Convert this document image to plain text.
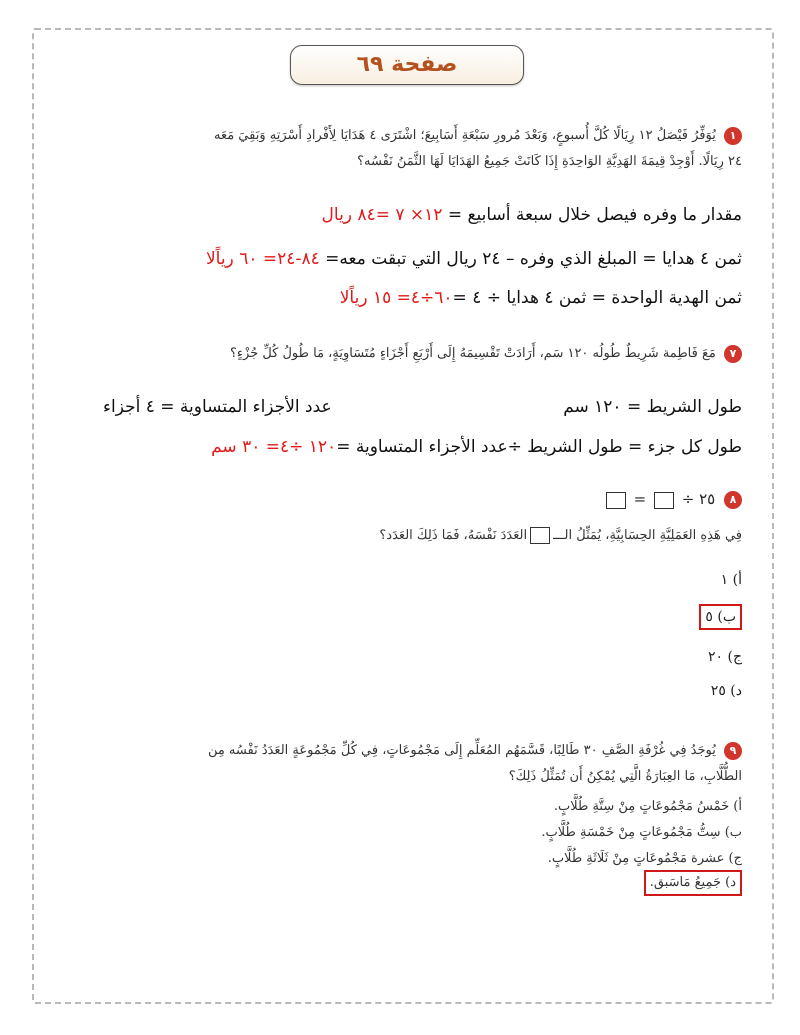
صفحة ٦٩
١ يُوَفِّرُ فَيْصَلُ ١٢ رِيَالًا كُلَّ أُسبوعٍ، وَبَعْدَ مُرورِ سَبْعَةِ أَسَابِيعَ؛ اشْتَرَى ٤ هَدَايَا لِأَفْرادِ أَسْرَتِهِ وَبَقِيَ مَعَه
٢٤ رِيَالًا. أَوْجِدْ قِيمَةَ الهَدِيَّةِ الوَاحِدَةِ إِذَا كَانَتْ جَمِيعُ الهَدَايَا لَهَا الثَّمَنُ نَفْسُه؟
مقدار ما وفره فيصل خلال سبعة أسابيع = ١٢× ٧ =٨٤ ريال
ثمن ٤ هدايا = المبلغ الذي وفره – ٢٤ ريال التي تبقت معه= ٨٤-٢٤= ٦٠ رياًلا
ثمن الهدية الواحدة = ثمن ٤ هدايا ÷ ٤ =٦٠÷٤= ١٥ رياًلا
٧ مَعَ فَاطِمة شَرِيطٌ طُولُه ١٢٠ سَم، أَرَادَتْ تَقْسِيمَهُ إِلَى أَرْبَعِ أَجْزَاءٍ مُتَسَاوِيَةٍ، مَا طُولُ كُلِّ جُزْءٍ؟
طول الشريط = ١٢٠ سم
عدد الأجزاء المتساوية = ٤ أجزاء
طول كل جزء = طول الشريط ÷عدد الأجزاء المتساوية =١٢٠ ÷٤= ٣٠ سم
٨ ٢٥ ÷  =
فِي هَذِهِ العَمَلِيَّةِ الحِسَابِيَّةِ، يُمَثِّلُ الـــالعَدَدَ نَفْسَهُ، فَمَا ذَلِكَ العَدَد؟
أ) ١
ب) ٥
ج) ٢٠
د) ٢٥
٩ يُوجَدُ فِي غُرْفَةِ الصَّفِ ٣٠ طَالِبًا، قَسَّمَهُم المُعَلِّم إِلَى مَجْمُوعَاتٍ، فِي كُلِّ مَجْمُوعَةٍ العَدَدُ نَفْسُه مِن
الطُّلَّابِ، مَا العِبَارَةُ الَّتِي يُمْكِنُ أَن تُمَثِّلُ ذَلِكَ؟
أ) خَمْسُ مَجْمُوعَاتٍ مِنْ سِتَّةِ طُلَّابٍ.
ب) سِتُّ مَجْمُوعَاتٍ مِنْ خَمْسَةِ طُلَّابٍ.
ج) عشرة مَجْمُوعَاتٍ مِنْ ثَلَاثَةِ طُلَّابٍ.
د) جَمِيعُ مَاسَبق.
